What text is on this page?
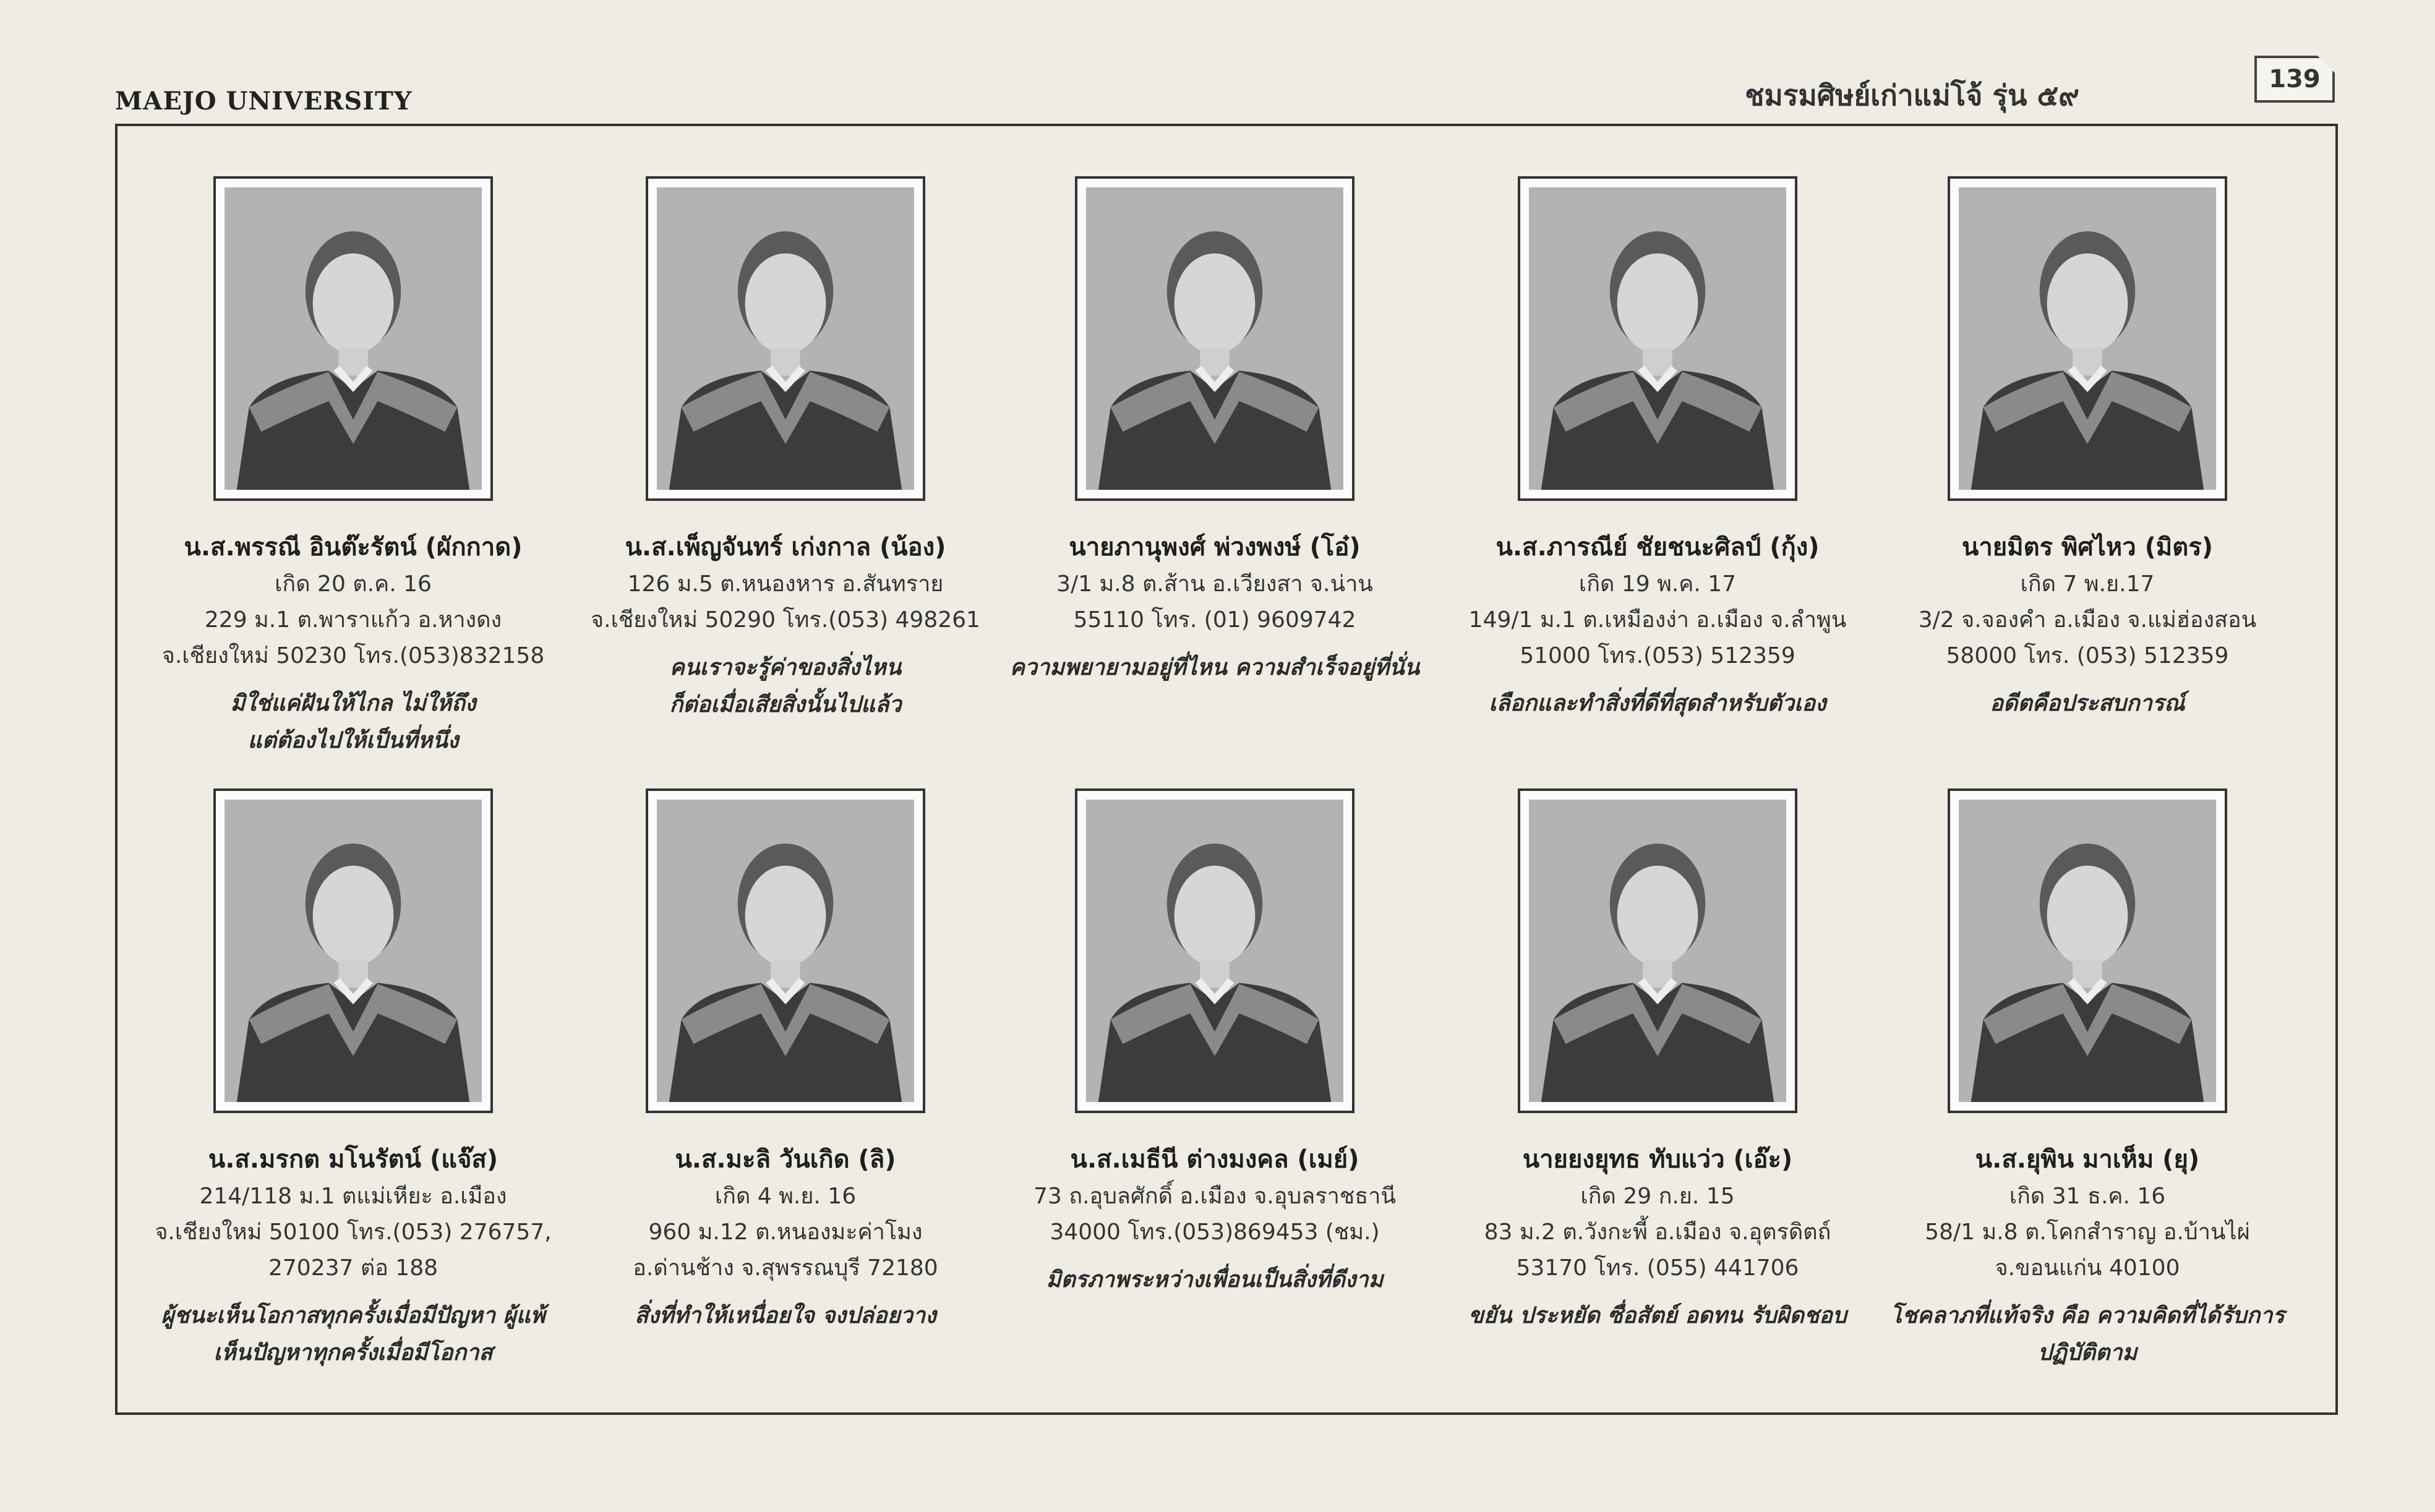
MAEJO UNIVERSITY	ชมรมศิษย์เก่าแม่โจ้ รุ่น ๕๙	139
น.ส.พรรณี อินต๊ะรัตน์ (ผักกาด)
เกิด 20 ต.ค. 16
229 ม.1 ต.พาราแก้ว อ.หางดง
จ.เชียงใหม่ 50230 โทร.(053)832158
มิใช่แค่ฝันให้ไกล ไม่ให้ถึง
แต่ต้องไปให้เป็นที่หนึ่ง
น.ส.เพ็ญจันทร์ เก่งกาล (น้อง)
126 ม.5 ต.หนองหาร อ.สันทราย
จ.เชียงใหม่ 50290 โทร.(053) 498261
คนเราจะรู้ค่าของสิ่งไหน
ก็ต่อเมื่อเสียสิ่งนั้นไปแล้ว
นายภานุพงศ์ พ่วงพงษ์ (โอ๋)
3/1 ม.8 ต.ส้าน อ.เวียงสา จ.น่าน
55110 โทร. (01) 9609742
ความพยายามอยู่ที่ไหน ความสำเร็จอยู่ที่นั่น
น.ส.ภารณีย์ ชัยชนะศิลป์ (กุ้ง)
เกิด 19 พ.ค. 17
149/1 ม.1 ต.เหมืองง่า อ.เมือง จ.ลำพูน
51000 โทร.(053) 512359
เลือกและทำสิ่งที่ดีที่สุดสำหรับตัวเอง
นายมิตร พิศไหว (มิตร)
เกิด 7 พ.ย.17
3/2 จ.จองคำ อ.เมือง จ.แม่ฮ่องสอน
58000 โทร. (053) 512359
อดีตคือประสบการณ์
น.ส.มรกต มโนรัตน์ (แจ๊ส)
214/118 ม.1 ตแม่เหียะ อ.เมือง
จ.เชียงใหม่ 50100 โทร.(053) 276757,
270237 ต่อ 188
ผู้ชนะเห็นโอกาสทุกครั้งเมื่อมีปัญหา ผู้แพ้
เห็นปัญหาทุกครั้งเมื่อมีโอกาส
น.ส.มะลิ วันเกิด (ลิ)
เกิด 4 พ.ย. 16
960 ม.12 ต.หนองมะค่าโมง
อ.ด่านช้าง จ.สุพรรณบุรี 72180
สิ่งที่ทำให้เหนื่อยใจ จงปล่อยวาง
น.ส.เมธีนี ต่างมงคล (เมย์)
73 ถ.อุบลศักดิ์ อ.เมือง จ.อุบลราชธานี
34000 โทร.(053)869453 (ชม.)
มิตรภาพระหว่างเพื่อนเป็นสิ่งที่ดีงาม
นายยงยุทธ ทับแว่ว (เอ๊ะ)
เกิด 29 ก.ย. 15
83 ม.2 ต.วังกะพี้ อ.เมือง จ.อุตรดิตถ์
53170 โทร. (055) 441706
ขยัน ประหยัด ซื่อสัตย์ อดทน รับผิดชอบ
น.ส.ยุพิน มาเห็ม (ยุ)
เกิด 31 ธ.ค. 16
58/1 ม.8 ต.โคกสำราญ อ.บ้านไผ่
จ.ขอนแก่น 40100
โชคลาภที่แท้จริง คือ ความคิดที่ได้รับการ
ปฏิบัติตาม
